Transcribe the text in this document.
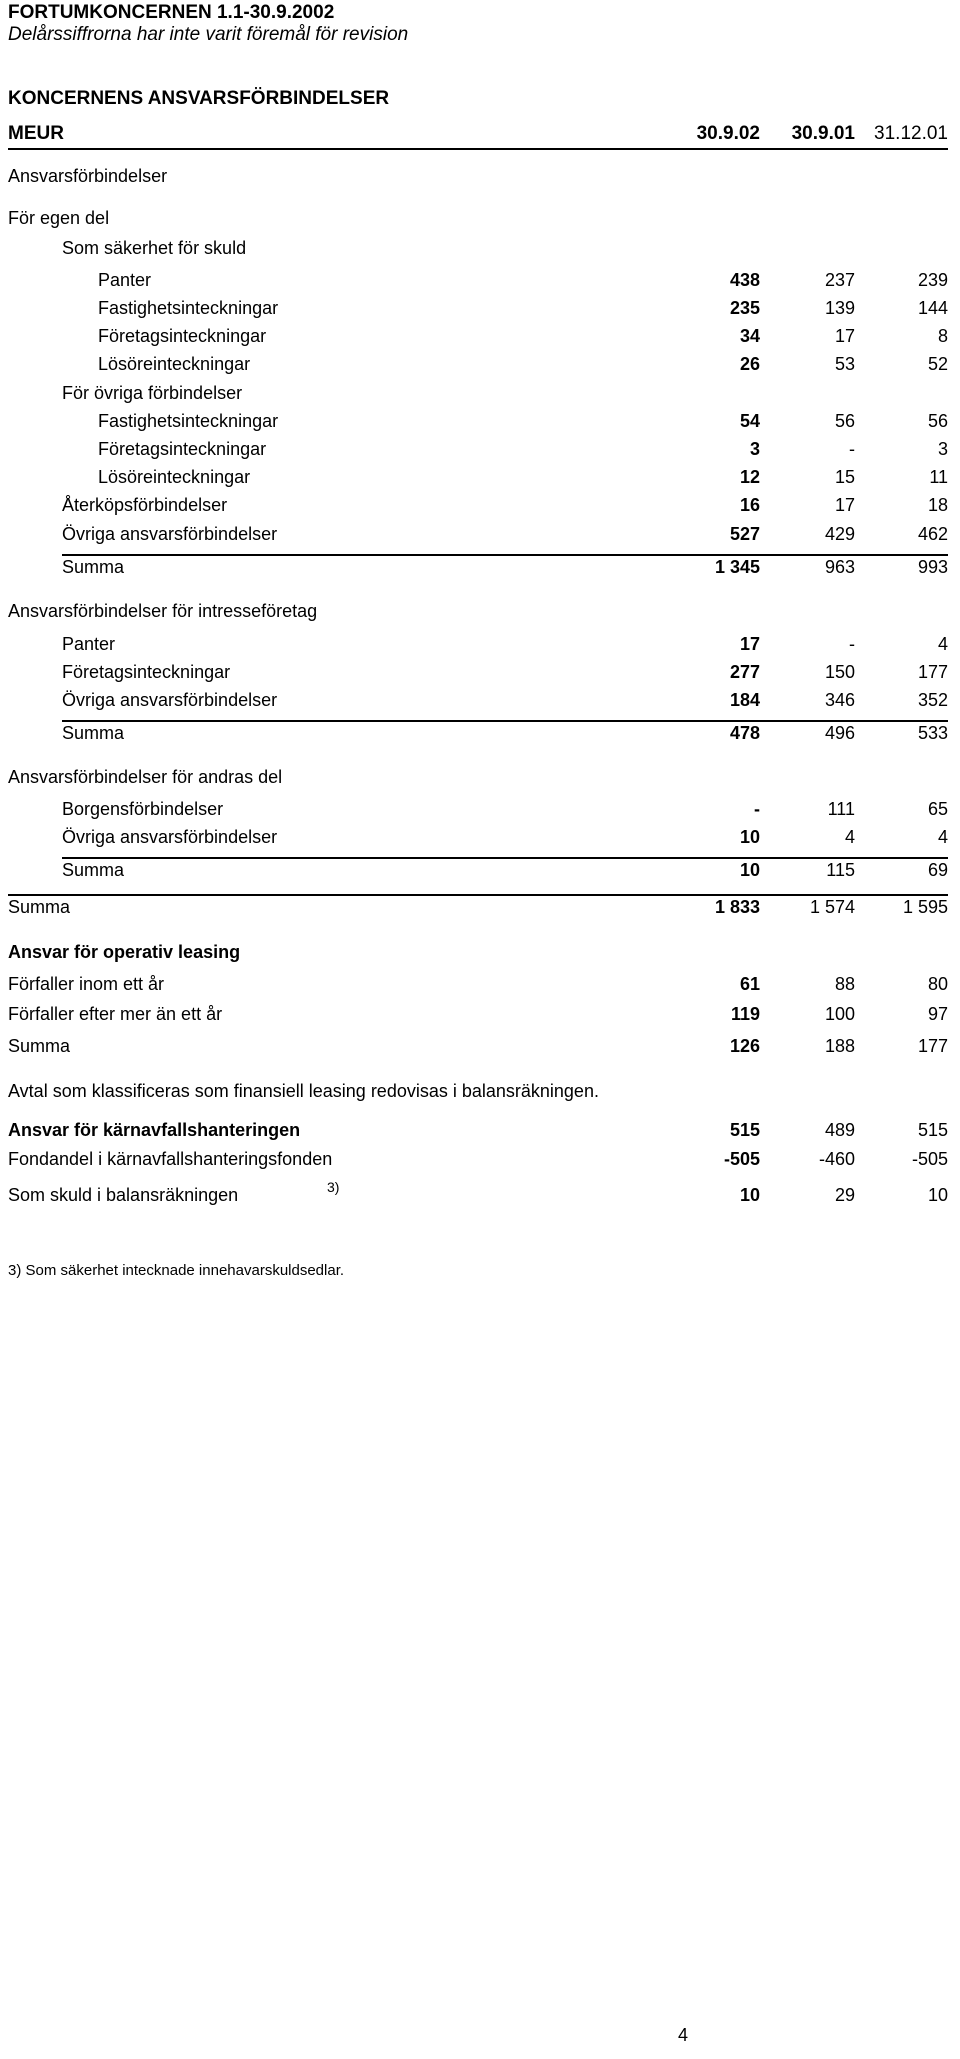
FORTUMKONCERNEN 1.1-30.9.2002
Delårssiffrorna har inte varit föremål för revision
KONCERNENS ANSVARSFÖRBINDELSER
MEUR	30.9.02	30.9.01	31.12.01
Ansvarsförbindelser
För egen del
Som säkerhet för skuld
Panter	438	237	239
Fastighetsinteckningar	235	139	144
Företagsinteckningar	34	17	8
Lösöreinteckningar	26	53	52
För övriga förbindelser
Fastighetsinteckningar	54	56	56
Företagsinteckningar	3	-	3
Lösöreinteckningar	12	15	11
Återköpsförbindelser	16	17	18
Övriga ansvarsförbindelser	527	429	462
Summa	1 345	963	993
Ansvarsförbindelser för intresseföretag
Panter	17	-	4
Företagsinteckningar	277	150	177
Övriga ansvarsförbindelser	184	346	352
Summa	478	496	533
Ansvarsförbindelser för andras del
Borgensförbindelser	-	111	65
Övriga ansvarsförbindelser	10	4	4
Summa	10	115	69
Summa	1 833	1 574	1 595
Ansvar för operativ leasing
Förfaller inom ett år	61	88	80
Förfaller efter mer än ett år	119	100	97
Summa	126	188	177
Avtal som klassificeras som finansiell leasing redovisas i balansräkningen.
Ansvar för kärnavfallshanteringen	515	489	515
Fondandel i kärnavfallshanteringsfonden	-505	-460	-505
Som skuld i balansräkningen	10	29	10
3)
3) Som säkerhet intecknade innehavarskuldsedlar.
4
